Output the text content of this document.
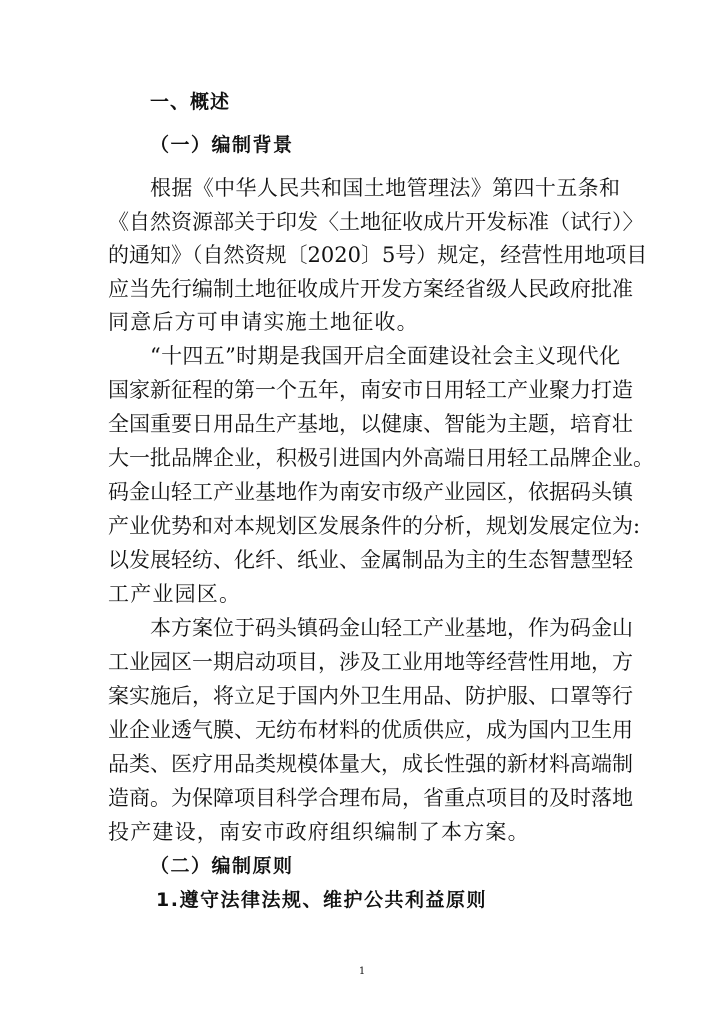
一、概述
（一）编制背景
根据《中华人民共和国土地管理法》第四十五条和
《自然资源部关于印发〈土地征收成片开发标准（试行）〉
的通知》（自然资规〔2020〕5号）规定，经营性用地项目
应当先行编制土地征收成片开发方案经省级人民政府批准
同意后方可申请实施土地征收。
“十四五”时期是我国开启全面建设社会主义现代化
国家新征程的第一个五年，南安市日用轻工产业聚力打造
全国重要日用品生产基地，以健康、智能为主题，培育壮
大一批品牌企业，积极引进国内外高端日用轻工品牌企业。
码金山轻工产业基地作为南安市级产业园区，依据码头镇
产业优势和对本规划区发展条件的分析，规划发展定位为:
以发展轻纺、化纤、纸业、金属制品为主的生态智慧型轻
工产业园区。
本方案位于码头镇码金山轻工产业基地，作为码金山
工业园区一期启动项目，涉及工业用地等经营性用地，方
案实施后，将立足于国内外卫生用品、防护服、口罩等行
业企业透气膜、无纺布材料的优质供应，成为国内卫生用
品类、医疗用品类规模体量大，成长性强的新材料高端制
造商。为保障项目科学合理布局，省重点项目的及时落地
投产建设，南安市政府组织编制了本方案。
（二）编制原则
1.遵守法律法规、维护公共利益原则
1
